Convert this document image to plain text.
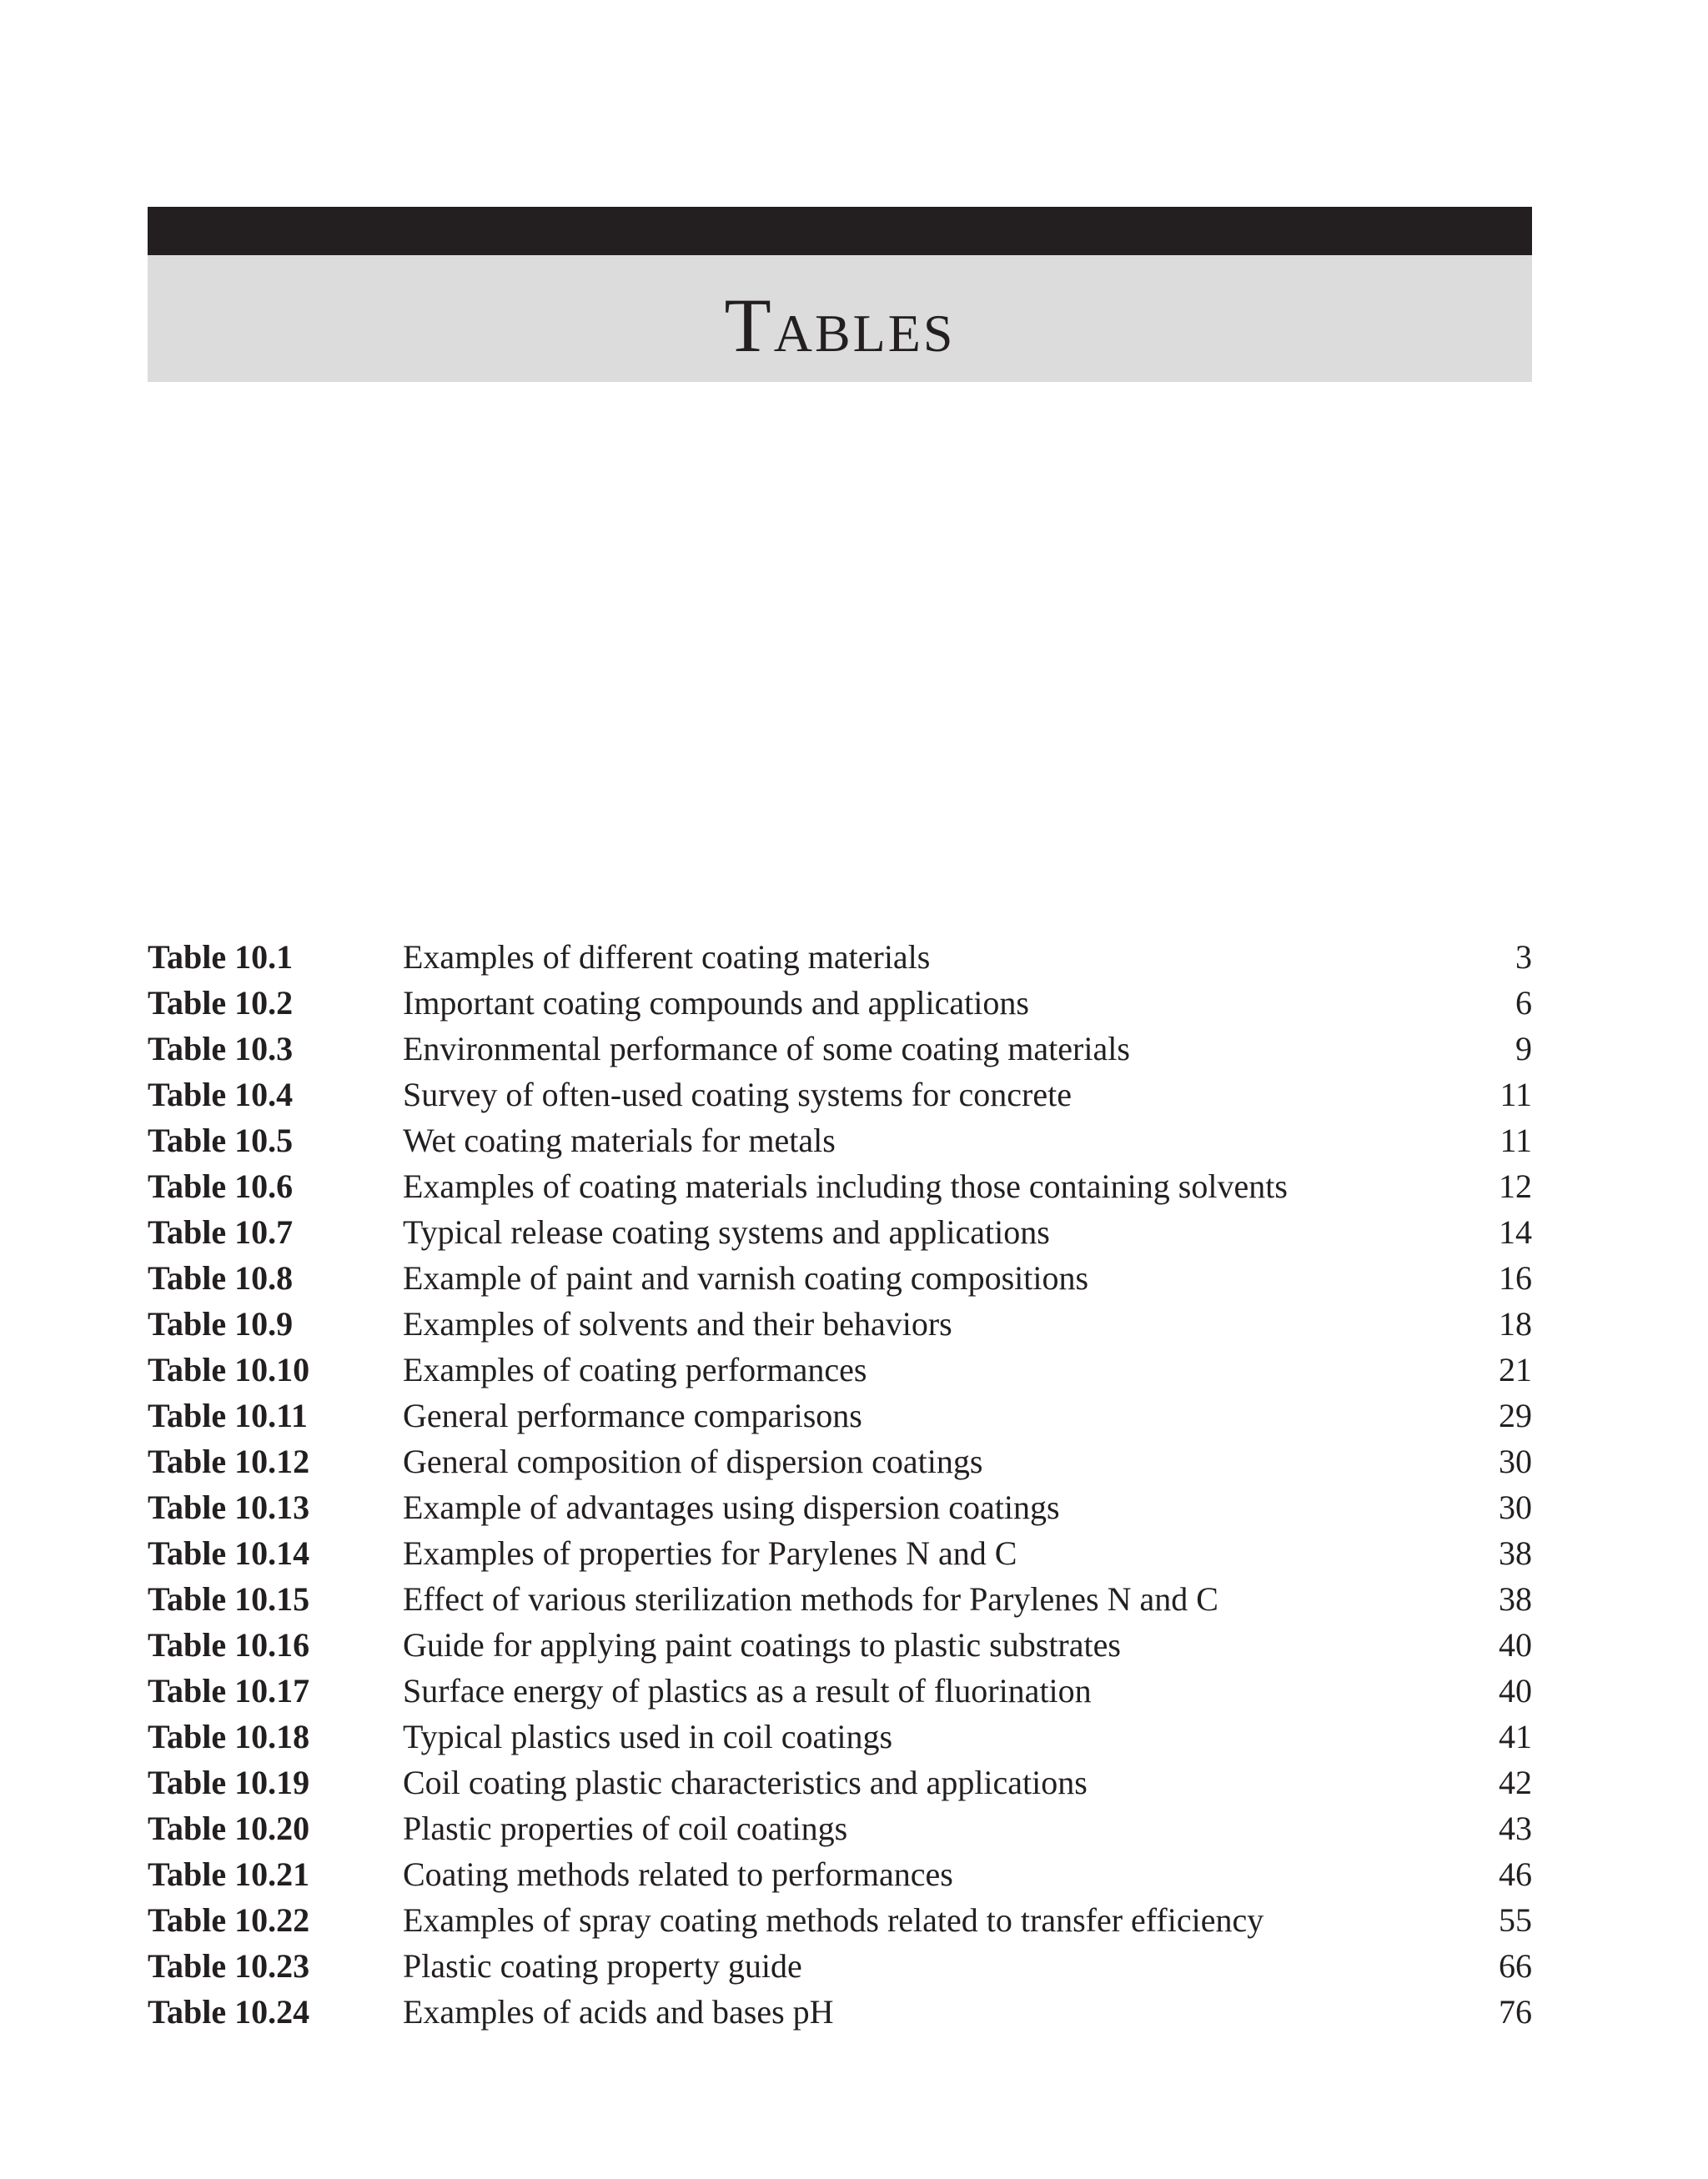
Tables
Table 10.1	Examples of different coating materials	3
Table 10.2	Important coating compounds and applications	6
Table 10.3	Environmental performance of some coating materials	9
Table 10.4	Survey of often-used coating systems for concrete	11
Table 10.5	Wet coating materials for metals	11
Table 10.6	Examples of coating materials including those containing solvents	12
Table 10.7	Typical release coating systems and applications	14
Table 10.8	Example of paint and varnish coating compositions	16
Table 10.9	Examples of solvents and their behaviors	18
Table 10.10	Examples of coating performances	21
Table 10.11	General performance comparisons	29
Table 10.12	General composition of dispersion coatings	30
Table 10.13	Example of advantages using dispersion coatings	30
Table 10.14	Examples of properties for Parylenes N and C	38
Table 10.15	Effect of various sterilization methods for Parylenes N and C	38
Table 10.16	Guide for applying paint coatings to plastic substrates	40
Table 10.17	Surface energy of plastics as a result of fluorination	40
Table 10.18	Typical plastics used in coil coatings	41
Table 10.19	Coil coating plastic characteristics and applications	42
Table 10.20	Plastic properties of coil coatings	43
Table 10.21	Coating methods related to performances	46
Table 10.22	Examples of spray coating methods related to transfer efficiency	55
Table 10.23	Plastic coating property guide	66
Table 10.24	Examples of acids and bases pH	76
